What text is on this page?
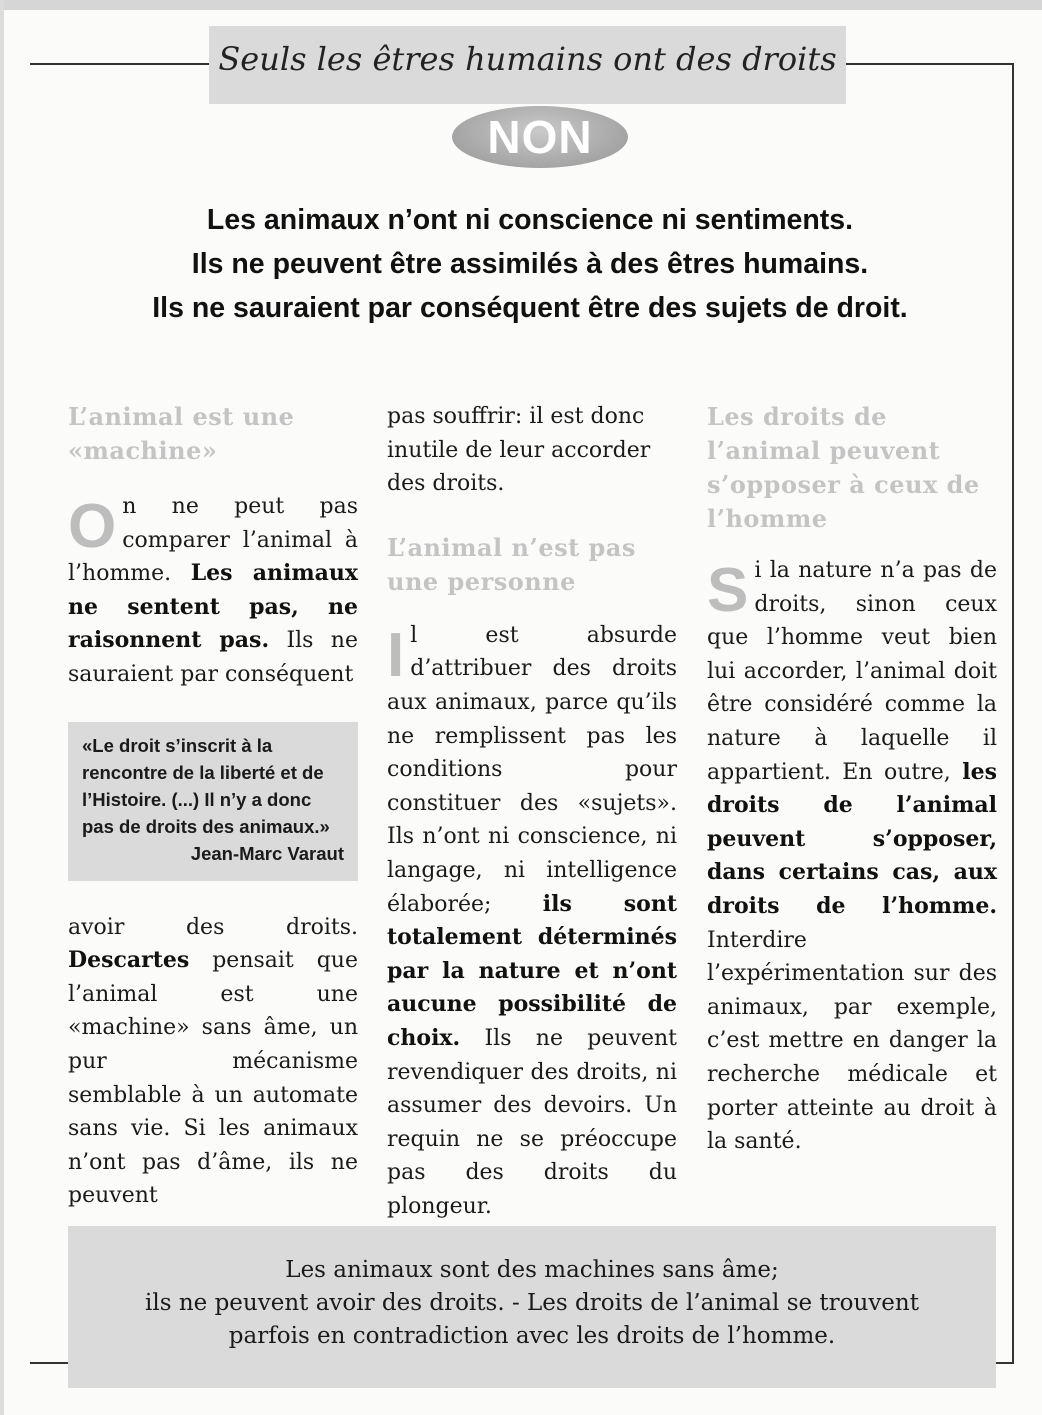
Seuls les êtres humains ont des droits
NON
Les animaux n’ont ni conscience ni sentiments.
Ils ne peuvent être assimilés à des êtres humains.
Ils ne sauraient par conséquent être des sujets de droit.
L’animal est une «machine»

On ne peut pas comparer l’animal à l’homme. Les animaux ne sentent pas, ne raisonnent pas. Ils ne sauraient par conséquent

«Le droit s’inscrit à la rencontre de la liberté et de l’Histoire. (...) Il n’y a donc pas de droits des animaux.»
Jean-Marc Varaut

avoir des droits. Descartes pensait que l’animal est une «machine» sans âme, un pur mécanisme semblable à un automate sans vie. Si les animaux n’ont pas d’âme, ils ne peuvent

pas souffrir: il est donc inutile de leur accorder des droits.

L’animal n’est pas une personne

Il est absurde d’attribuer des droits aux animaux, parce qu’ils ne remplissent pas les conditions pour constituer des «sujets». Ils n’ont ni conscience, ni langage, ni intelligence élaborée; ils sont totalement déterminés par la nature et n’ont aucune possibilité de choix. Ils ne peuvent revendiquer des droits, ni assumer des devoirs. Un requin ne se préoccupe pas des droits du plongeur.

Les droits de l’animal peuvent s’opposer à ceux de l’homme

Si la nature n’a pas de droits, sinon ceux que l’homme veut bien lui accorder, l’animal doit être considéré comme la nature à laquelle il appartient. En outre, les droits de l’animal peuvent s’opposer, dans certains cas, aux droits de l’homme. Interdire l’expérimentation sur des animaux, par exemple, c’est mettre en danger la recherche médicale et porter atteinte au droit à la santé.

Les animaux sont des machines sans âme;
ils ne peuvent avoir des droits. - Les droits de l’animal se trouvent
parfois en contradiction avec les droits de l’homme.
